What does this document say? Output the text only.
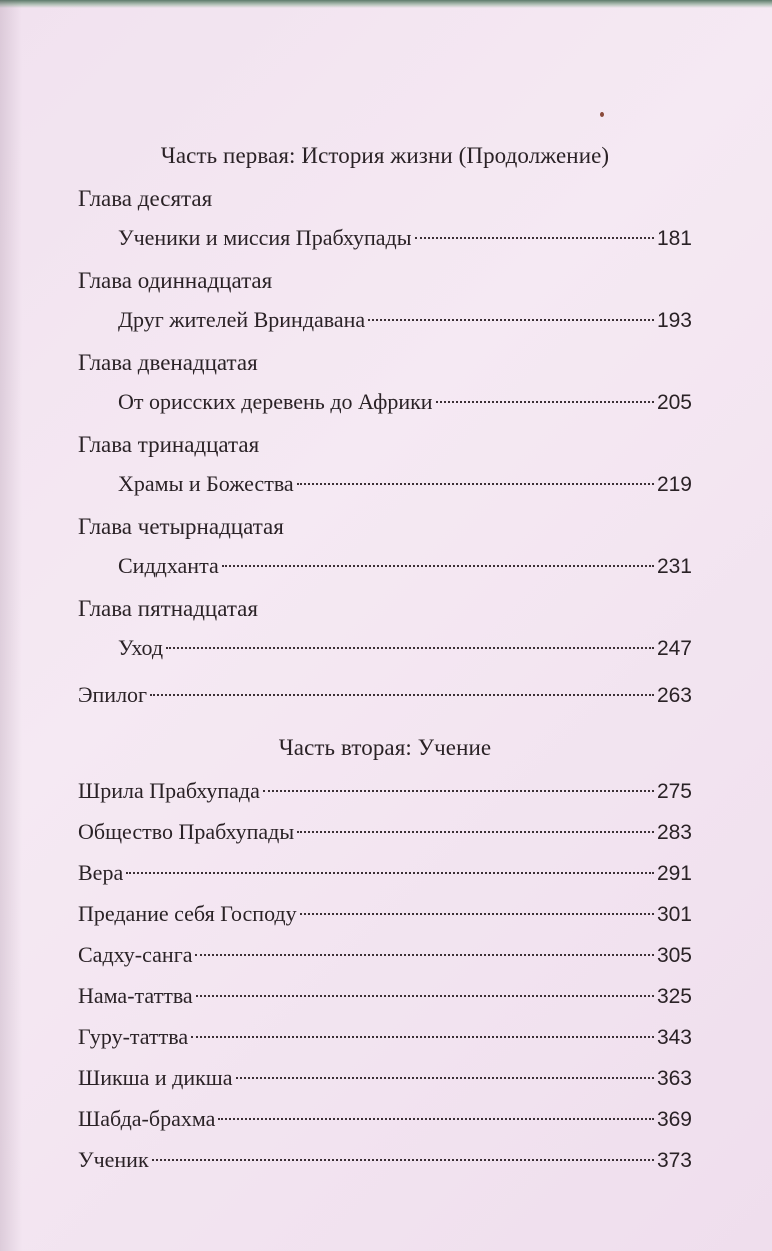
Часть первая: История жизни (Продолжение)
Глава десятая
Ученики и миссия Прабхупады	181
Глава одиннадцатая
Друг жителей Вриндавана	193
Глава двенадцатая
От орисских деревень до Африки	205
Глава тринадцатая
Храмы и Божества	219
Глава четырнадцатая
Сиддханта	231
Глава пятнадцатая
Уход	247
Эпилог	263
Часть вторая: Учение
Шрила Прабхупада	275
Общество Прабхупады	283
Вера	291
Предание себя Господу	301
Садху-санга	305
Нама-таттва	325
Гуру-таттва	343
Шикша и дикша	363
Шабда-брахма	369
Ученик	373
